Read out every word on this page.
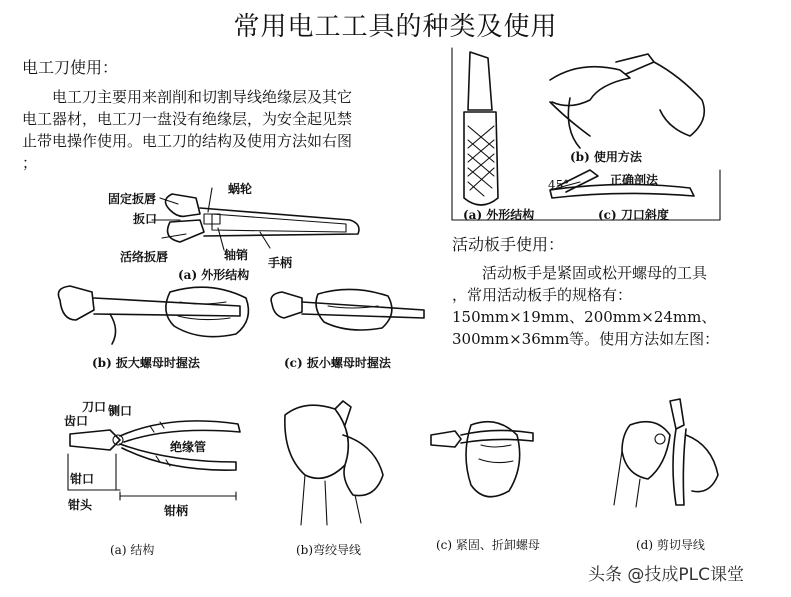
常用电工工具的种类及使用
电工刀使用：
电工刀主要用来剖削和切割导线绝缘层及其它
电工器材，电工刀一盘没有绝缘层，为安全起见禁
止带电操作使用。电工刀的结构及使用方法如右图
；
(a) 外形结构
(b) 使用方法
(c) 刀口斜度
正确剖法
45°
活动板手使用：
活动板手是紧固或松开螺母的工具
，常用活动板手的规格有：
150mm×19mm、200mm×24mm、
300mm×36mm等。使用方法如左图：
固定扳唇
蜗轮
扳口
活络扳唇	轴销
手柄
(a) 外形结构
(b) 扳大螺母时握法	(c) 扳小螺母时握法
刀口 铡口
齿口
绝缘管
钳口
钳头	钳柄
(a) 结构	(b)弯绞导线	(c) 紧固、折卸螺母	(d) 剪切导线
头条 @技成PLC课堂
